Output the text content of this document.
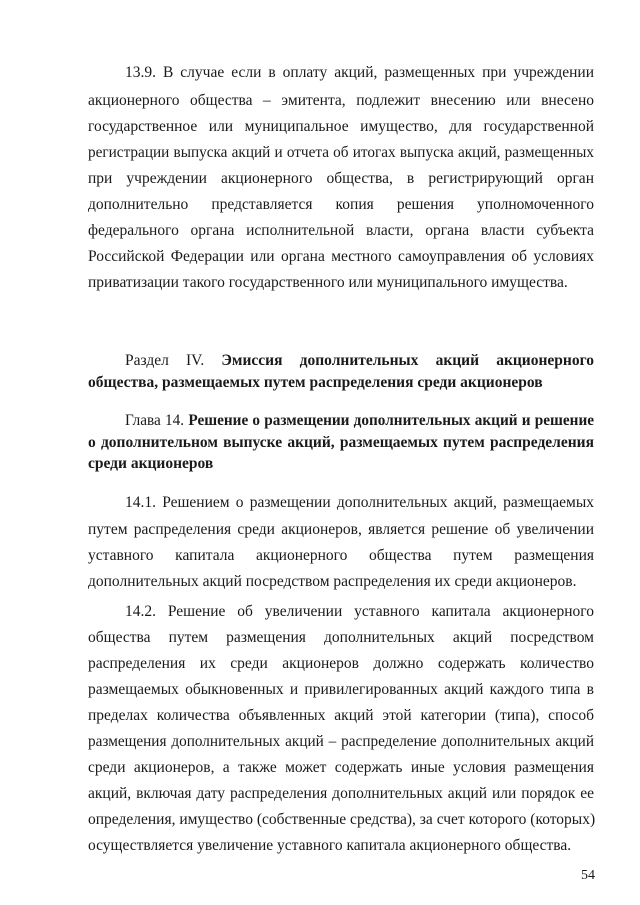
13.9. В случае если в оплату акций, размещенных при учреждении
акционерного общества – эмитента, подлежит внесению или внесено
государственное или муниципальное имущество, для государственной
регистрации выпуска акций и отчета об итогах выпуска акций, размещенных
при учреждении акционерного общества, в регистрирующий орган
дополнительно представляется копия решения уполномоченного
федерального органа исполнительной власти, органа власти субъекта
Российской Федерации или органа местного самоуправления об условиях
приватизации такого государственного или муниципального имущества.
Раздел IV. Эмиссия дополнительных акций акционерного
общества, размещаемых путем распределения среди акционеров
Глава 14. Решение о размещении дополнительных акций и решение
о дополнительном выпуске акций, размещаемых путем распределения
среди акционеров
14.1. Решением о размещении дополнительных акций, размещаемых
путем распределения среди акционеров, является решение об увеличении
уставного капитала акционерного общества путем размещения
дополнительных акций посредством распределения их среди акционеров.
14.2. Решение об увеличении уставного капитала акционерного
общества путем размещения дополнительных акций посредством
распределения их среди акционеров должно содержать количество
размещаемых обыкновенных и привилегированных акций каждого типа в
пределах количества объявленных акций этой категории (типа), способ
размещения дополнительных акций – распределение дополнительных акций
среди акционеров, а также может содержать иные условия размещения
акций, включая дату распределения дополнительных акций или порядок ее
определения, имущество (собственные средства), за счет которого (которых)
осуществляется увеличение уставного капитала акционерного общества.
54
